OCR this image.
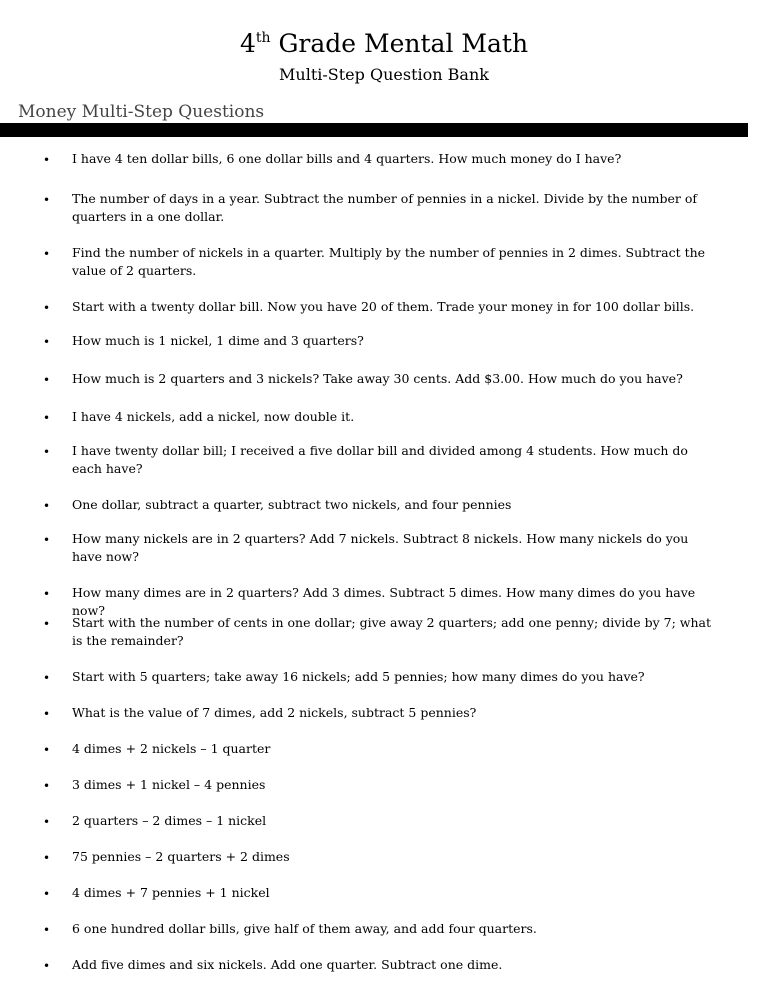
4th Grade Mental Math
Multi-Step Question Bank
Money Multi-Step Questions
• I have 4 ten dollar bills, 6 one dollar bills and 4 quarters. How much money do I have?
• The number of days in a year. Subtract the number of pennies in a nickel. Divide by the number of quarters in a one dollar.
• Find the number of nickels in a quarter. Multiply by the number of pennies in 2 dimes. Subtract the value of 2 quarters.
• Start with a twenty dollar bill. Now you have 20 of them. Trade your money in for 100 dollar bills.
• How much is 1 nickel, 1 dime and 3 quarters?
• How much is 2 quarters and 3 nickels? Take away 30 cents. Add $3.00. How much do you have?
• I have 4 nickels, add a nickel, now double it.
• I have twenty dollar bill; I received a five dollar bill and divided among 4 students. How much do each have?
• One dollar, subtract a quarter, subtract two nickels, and four pennies
• How many nickels are in 2 quarters? Add 7 nickels. Subtract 8 nickels. How many nickels do you have now?
• How many dimes are in 2 quarters? Add 3 dimes. Subtract 5 dimes. How many dimes do you have now?
• Start with the number of cents in one dollar; give away 2 quarters; add one penny; divide by 7; what is the remainder?
• Start with 5 quarters; take away 16 nickels; add 5 pennies; how many dimes do you have?
• What is the value of 7 dimes, add 2 nickels, subtract 5 pennies?
• 4 dimes + 2 nickels – 1 quarter
• 3 dimes + 1 nickel – 4 pennies
• 2 quarters – 2 dimes – 1 nickel
• 75 pennies – 2 quarters + 2 dimes
• 4 dimes + 7 pennies + 1 nickel
• 6 one hundred dollar bills, give half of them away, and add four quarters.
• Add five dimes and six nickels. Add one quarter. Subtract one dime.
